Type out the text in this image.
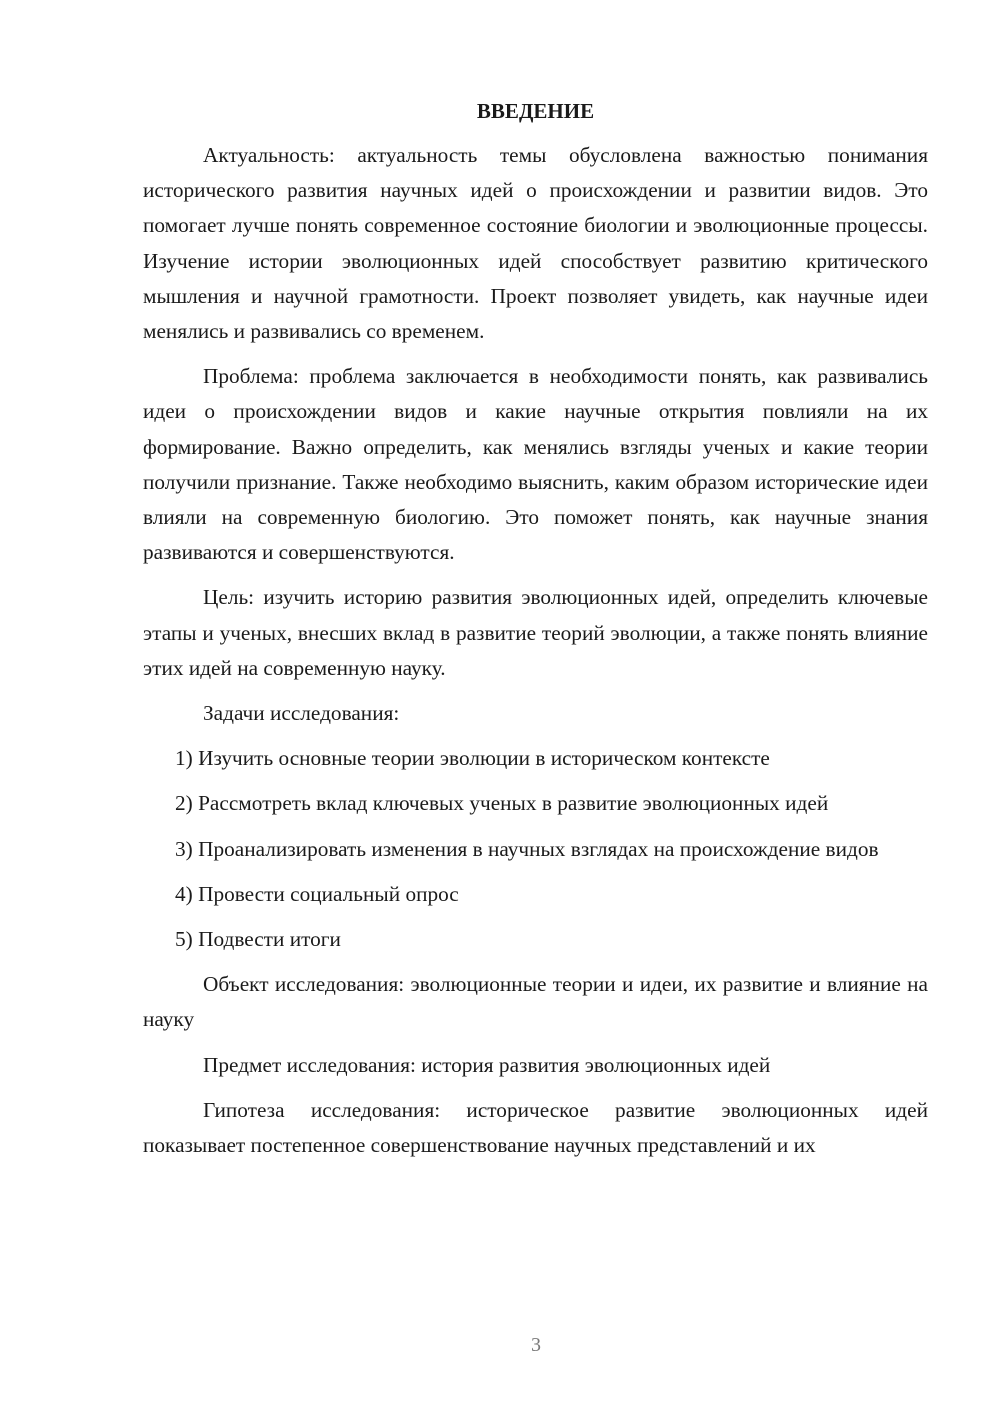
ВВЕДЕНИЕ

Актуальность: актуальность темы обусловлена важностью понимания исторического развития научных идей о происхождении и развитии видов. Это помогает лучше понять современное состояние биологии и эволюционные процессы. Изучение истории эволюционных идей способствует развитию критического мышления и научной грамотности. Проект позволяет увидеть, как научные идеи менялись и развивались со временем.

Проблема: проблема заключается в необходимости понять, как развивались идеи о происхождении видов и какие научные открытия повлияли на их формирование. Важно определить, как менялись взгляды ученых и какие теории получили признание. Также необходимо выяснить, каким образом исторические идеи влияли на современную биологию. Это поможет понять, как научные знания развиваются и совершенствуются.

Цель: изучить историю развития эволюционных идей, определить ключевые этапы и ученых, внесших вклад в развитие теорий эволюции, а также понять влияние этих идей на современную науку.

Задачи исследования:

1) Изучить основные теории эволюции в историческом контексте

2) Рассмотреть вклад ключевых ученых в развитие эволюционных идей

3) Проанализировать изменения в научных взглядах на происхождение видов

4) Провести социальный опрос

5) Подвести итоги

Объект исследования: эволюционные теории и идеи, их развитие и влияние на науку

Предмет исследования: история развития эволюционных идей

Гипотеза исследования: историческое развитие эволюционных идей показывает постепенное совершенствование научных представлений и их

3
